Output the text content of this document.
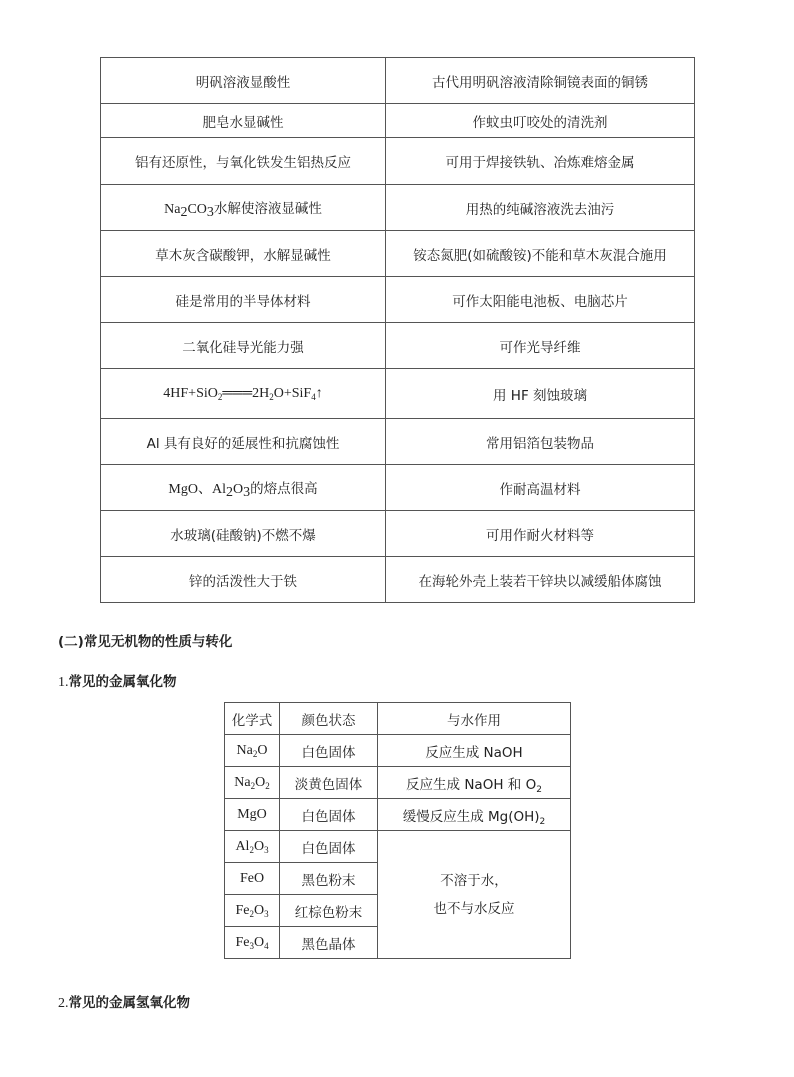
明矾溶液显酸性	古代用明矾溶液清除铜镜表面的铜锈
肥皂水显碱性	作蚊虫叮咬处的清洗剂
铝有还原性，与氧化铁发生铝热反应	可用于焊接铁轨、冶炼难熔金属
$Na_2CO_3$水解使溶液显碱性	用热的纯碱溶液洗去油污
草木灰含碳酸钾，水解显碱性	铵态氮肥(如硫酸铵)不能和草木灰混合施用
硅是常用的半导体材料	可作太阳能电池板、电脑芯片
二氧化硅导光能力强	可作光导纤维
$4HF+SiO_2═══2H_2O+SiF_4↑$	用 HF 刻蚀玻璃
Al 具有良好的延展性和抗腐蚀性	常用铝箔包装物品
MgO、$Al_2O_3$的熔点很高	作耐高温材料
水玻璃(硅酸钠)不燃不爆	可用作耐火材料等
锌的活泼性大于铁	在海轮外壳上装若干锌块以减缓船体腐蚀
(二)常见无机物的性质与转化
1.常见的金属氧化物
化学式	颜色状态	与水作用
$Na_2O$	白色固体	反应生成 NaOH
$Na_2O_2$	淡黄色固体	反应生成 NaOH 和 $O_2$
MgO	白色固体	缓慢反应生成 $Mg(OH)_2$
$Al_2O_3$	白色固体	不溶于水，
也不与水反应

FeO	黑色粉末	
$Fe_2O_3$	红棕色粉末	
$Fe_3O_4$	黑色晶体	
2.常见的金属氢氧化物
